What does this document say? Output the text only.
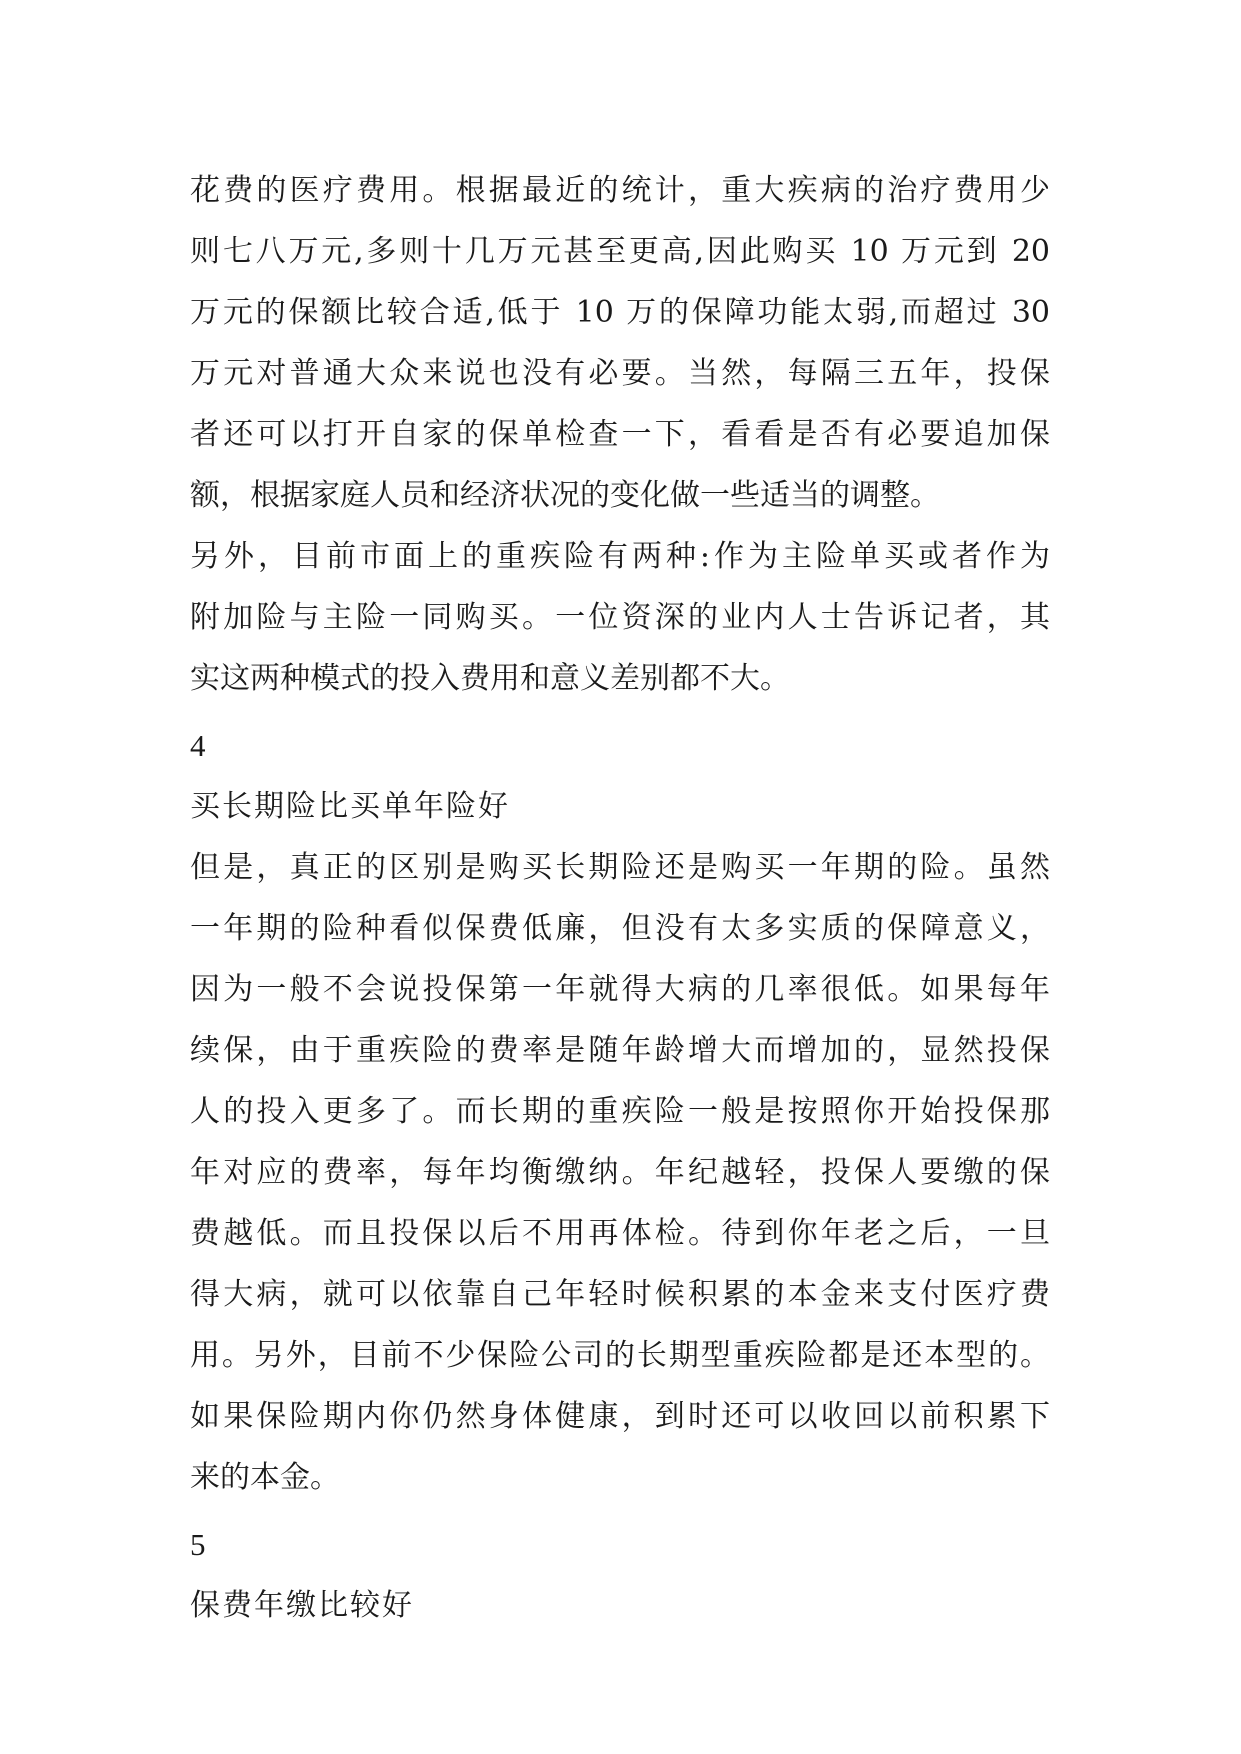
花费的医疗费用。根据最近的统计，重大疾病的治疗费用少
则七八万元,多则十几万元甚至更高,因此购买 10 万元到 20
万元的保额比较合适,低于 10 万的保障功能太弱,而超过 30
万元对普通大众来说也没有必要。当然，每隔三五年，投保
者还可以打开自家的保单检查一下，看看是否有必要追加保
额，根据家庭人员和经济状况的变化做一些适当的调整。
另外，目前市面上的重疾险有两种:作为主险单买或者作为
附加险与主险一同购买。一位资深的业内人士告诉记者，其
实这两种模式的投入费用和意义差别都不大。
4
买长期险比买单年险好
但是，真正的区别是购买长期险还是购买一年期的险。虽然
一年期的险种看似保费低廉，但没有太多实质的保障意义，
因为一般不会说投保第一年就得大病的几率很低。如果每年
续保，由于重疾险的费率是随年龄增大而增加的，显然投保
人的投入更多了。而长期的重疾险一般是按照你开始投保那
年对应的费率，每年均衡缴纳。年纪越轻，投保人要缴的保
费越低。而且投保以后不用再体检。待到你年老之后，一旦
得大病，就可以依靠自己年轻时候积累的本金来支付医疗费
用。另外，目前不少保险公司的长期型重疾险都是还本型的。
如果保险期内你仍然身体健康，到时还可以收回以前积累下
来的本金。
5
保费年缴比较好
